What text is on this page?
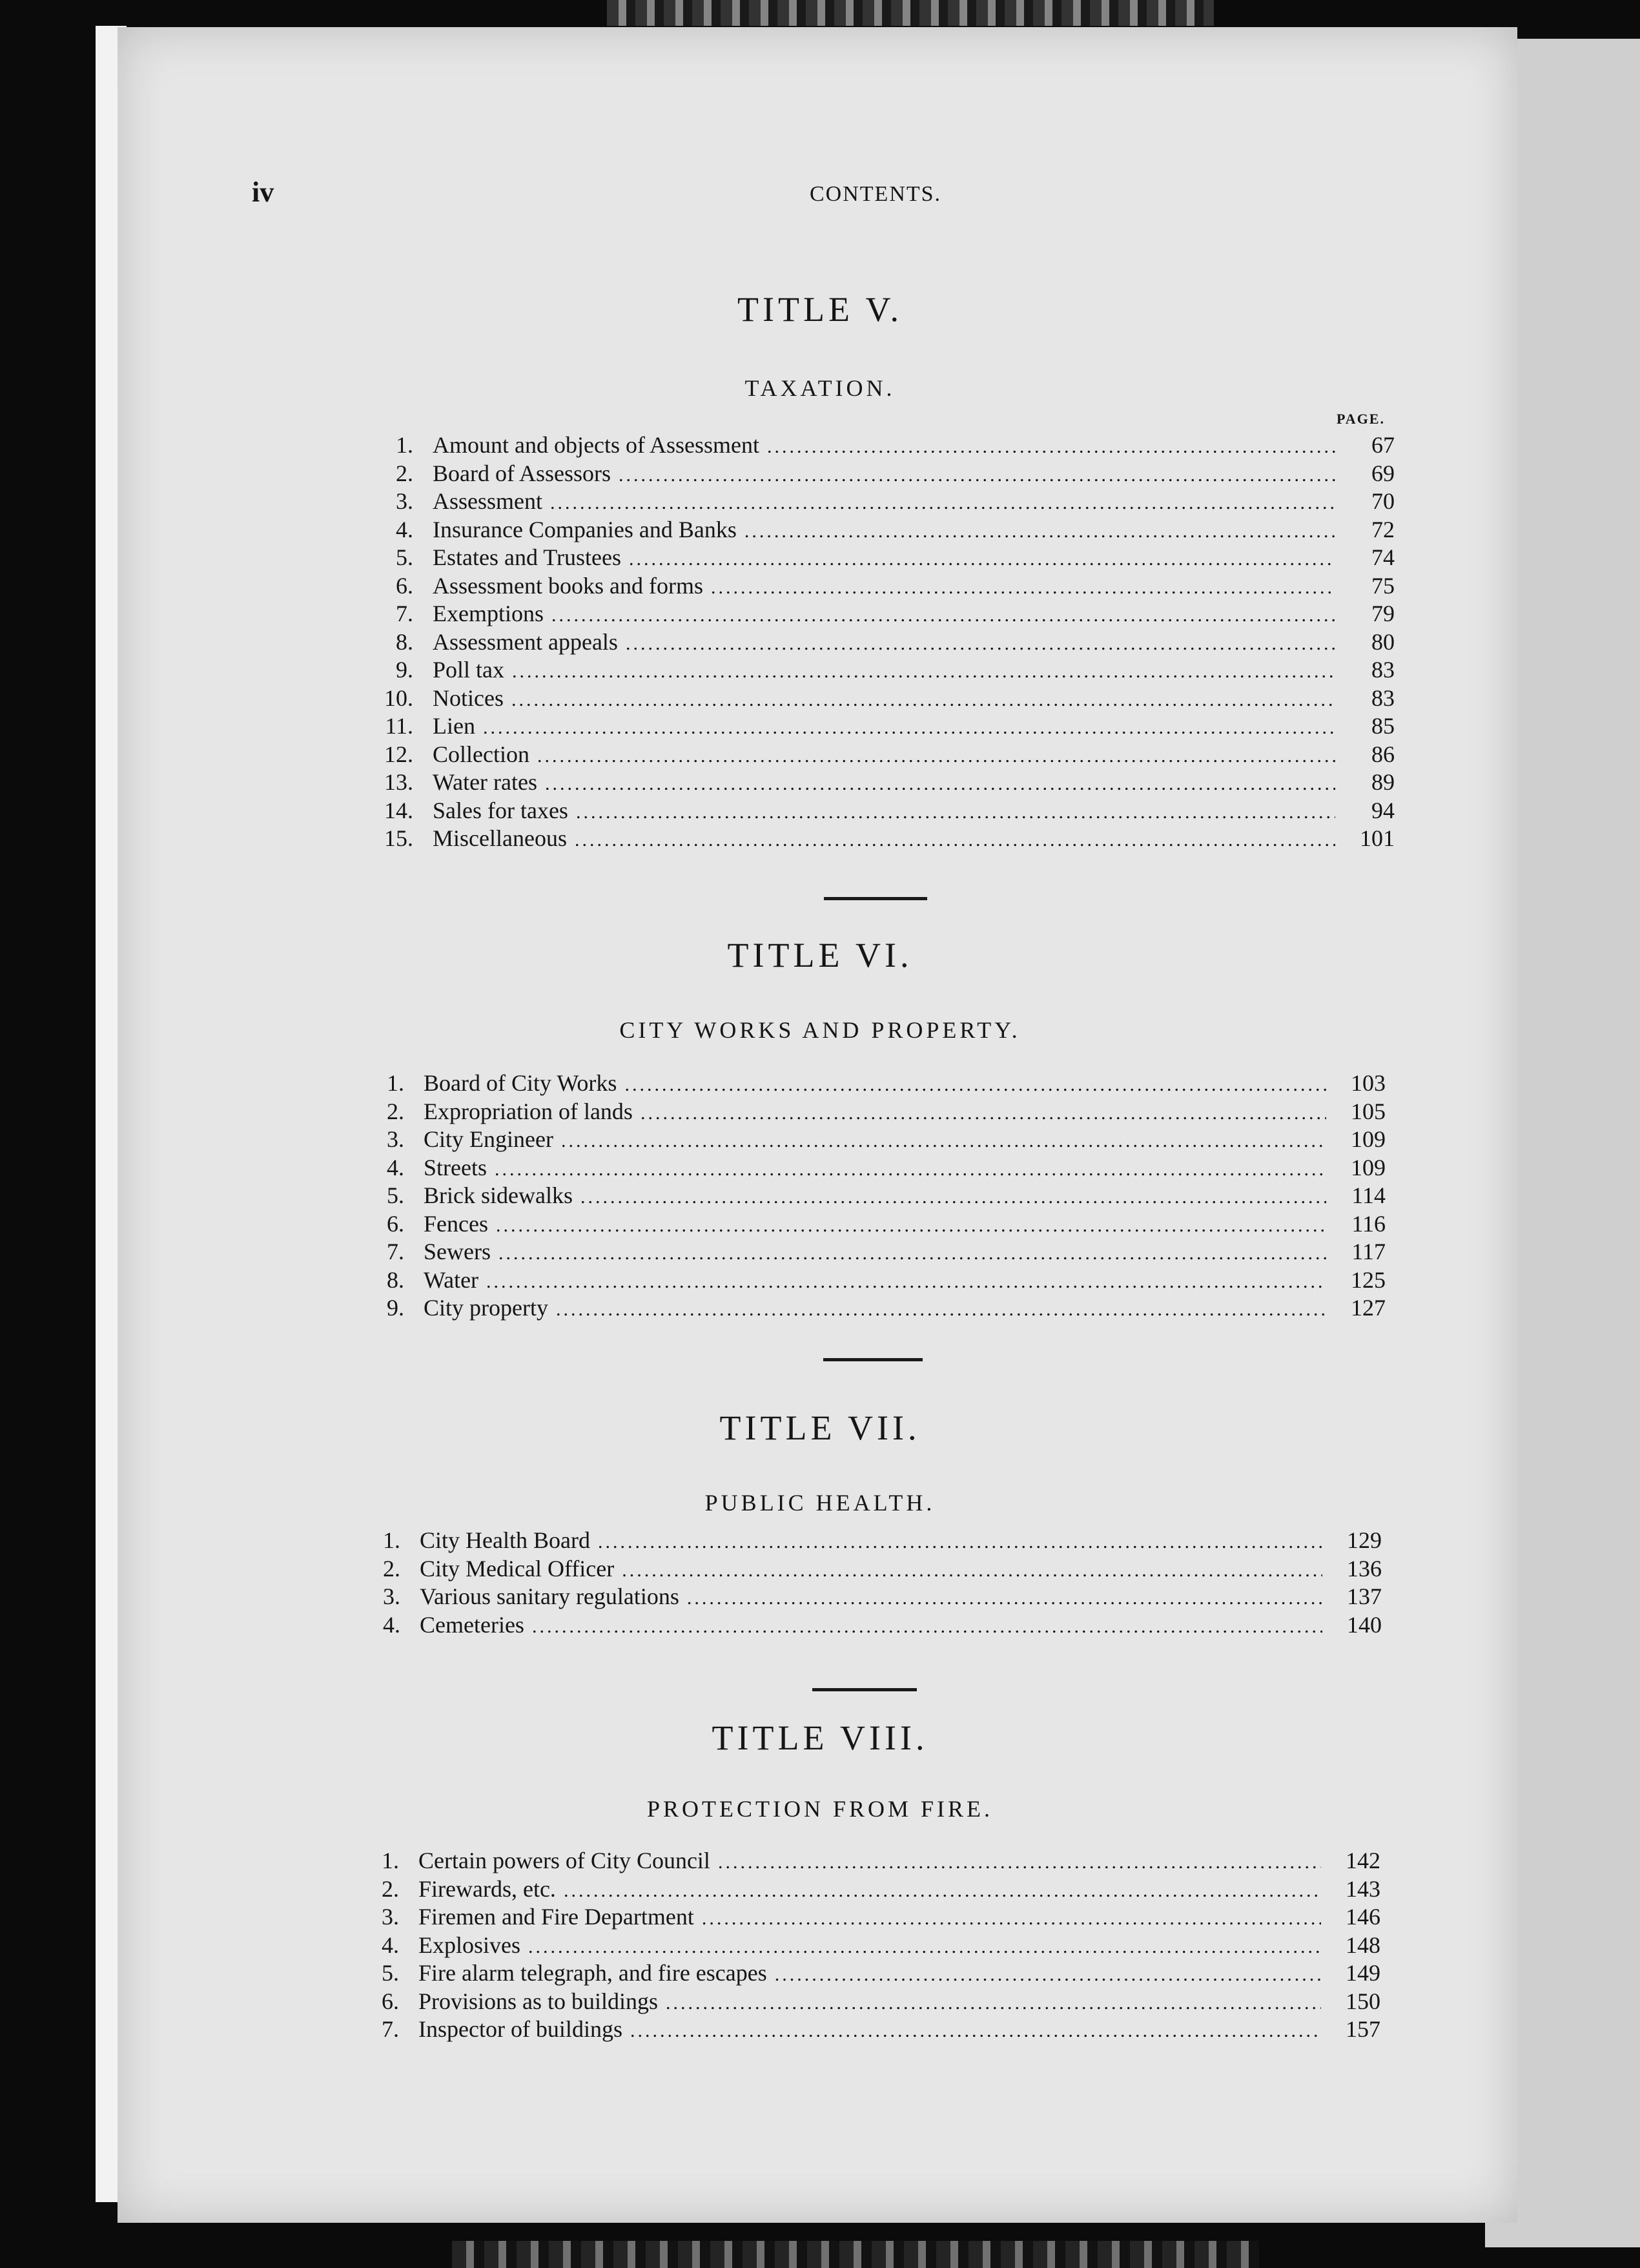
iv	CONTENTS.
TITLE V.
TAXATION.
PAGE.
1. Amount and objects of Assessment .....	67
2. Board of Assessors .....	69
3. Assessment .....	70
4. Insurance Companies and Banks .....	72
5. Estates and Trustees .....	74
6. Assessment books and forms .....	75
7. Exemptions .....	79
8. Assessment appeals .....	80
9. Poll tax .....	83
10. Notices .....	83
11. Lien .....	85
12. Collection .....	86
13. Water rates .....	89
14. Sales for taxes .....	94
15. Miscellaneous .....	101
TITLE VI.
CITY WORKS AND PROPERTY.
1. Board of City Works .....	103
2. Expropriation of lands .....	105
3. City Engineer .....	109
4. Streets .....	109
5. Brick sidewalks .....	114
6. Fences .....	116
7. Sewers .....	117
8. Water .....	125
9. City property .....	127
TITLE VII.
PUBLIC HEALTH.
1. City Health Board .....	129
2. City Medical Officer .....	136
3. Various sanitary regulations .....	137
4. Cemeteries .....	140
TITLE VIII.
PROTECTION FROM FIRE.
1. Certain powers of City Council .....	142
2. Firewards, etc. .....	143
3. Firemen and Fire Department .....	146
4. Explosives .....	148
5. Fire alarm telegraph, and fire escapes .....	149
6. Provisions as to buildings .....	150
7. Inspector of buildings .....	157
